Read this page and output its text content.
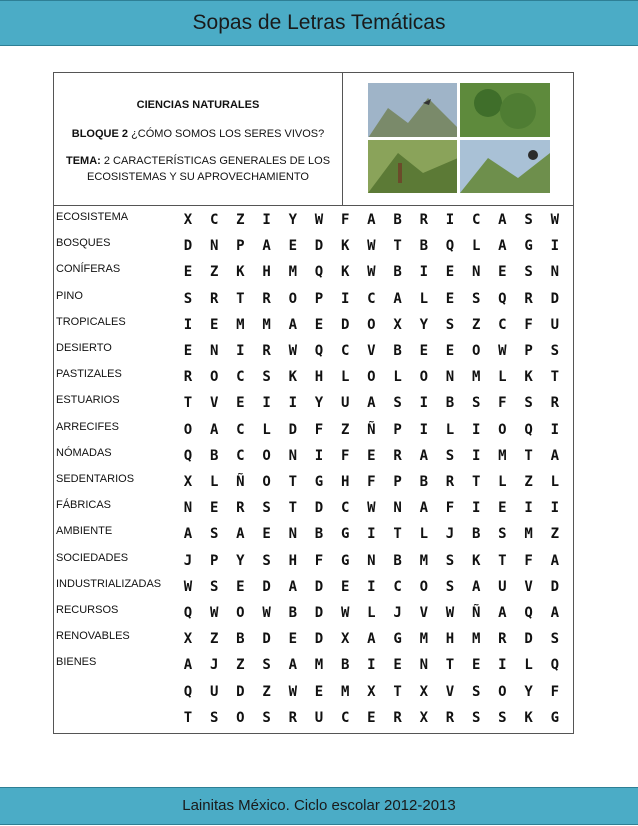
Sopas de Letras Temáticas
CIENCIAS NATURALES
BLOQUE 2 ¿CÓMO SOMOS LOS SERES VIVOS?
TEMA: 2 CARACTERÍSTICAS GENERALES DE LOS
ECOSISTEMAS Y SU APROVECHAMIENTO
ECOSISTEMA
BOSQUES
CONÍFERAS
PINO
TROPICALES
DESIERTO
PASTIZALES
ESTUARIOS
ARRECIFES
NÓMADAS
SEDENTARIOS
FÁBRICAS
AMBIENTE
SOCIEDADES
INDUSTRIALIZADAS
RECURSOS
RENOVABLES
BIENES
X	C	Z	I	Y	W	F	A	B	R	I	C	A	S	W
D	N	P	A	E	D	K	W	T	B	Q	L	A	G	I
E	Z	K	H	M	Q	K	W	B	I	E	N	E	S	N
S	R	T	R	O	P	I	C	A	L	E	S	Q	R	D
I	E	M	M	A	E	D	O	X	Y	S	Z	C	F	U
E	N	I	R	W	Q	C	V	B	E	E	O	W	P	S
R	O	C	S	K	H	L	O	L	O	N	M	L	K	T
T	V	E	I	I	Y	U	A	S	I	B	S	F	S	R
O	A	C	L	D	F	Z	Ñ	P	I	L	I	O	Q	I
Q	B	C	O	N	I	F	E	R	A	S	I	M	T	A
X	L	Ñ	O	T	G	H	F	P	B	R	T	L	Z	L
N	E	R	S	T	D	C	W	N	A	F	I	E	I	I
A	S	A	E	N	B	G	I	T	L	J	B	S	M	Z
J	P	Y	S	H	F	G	N	B	M	S	K	T	F	A
W	S	E	D	A	D	E	I	C	O	S	A	U	V	D
Q	W	O	W	B	D	W	L	J	V	W	Ñ	A	Q	A
X	Z	B	D	E	D	X	A	G	M	H	M	R	D	S
A	J	Z	S	A	M	B	I	E	N	T	E	I	L	Q
Q	U	D	Z	W	E	M	X	T	X	V	S	O	Y	F
T	S	O	S	R	U	C	E	R	X	R	S	S	K	G
Lainitas México. Ciclo escolar 2012-2013
